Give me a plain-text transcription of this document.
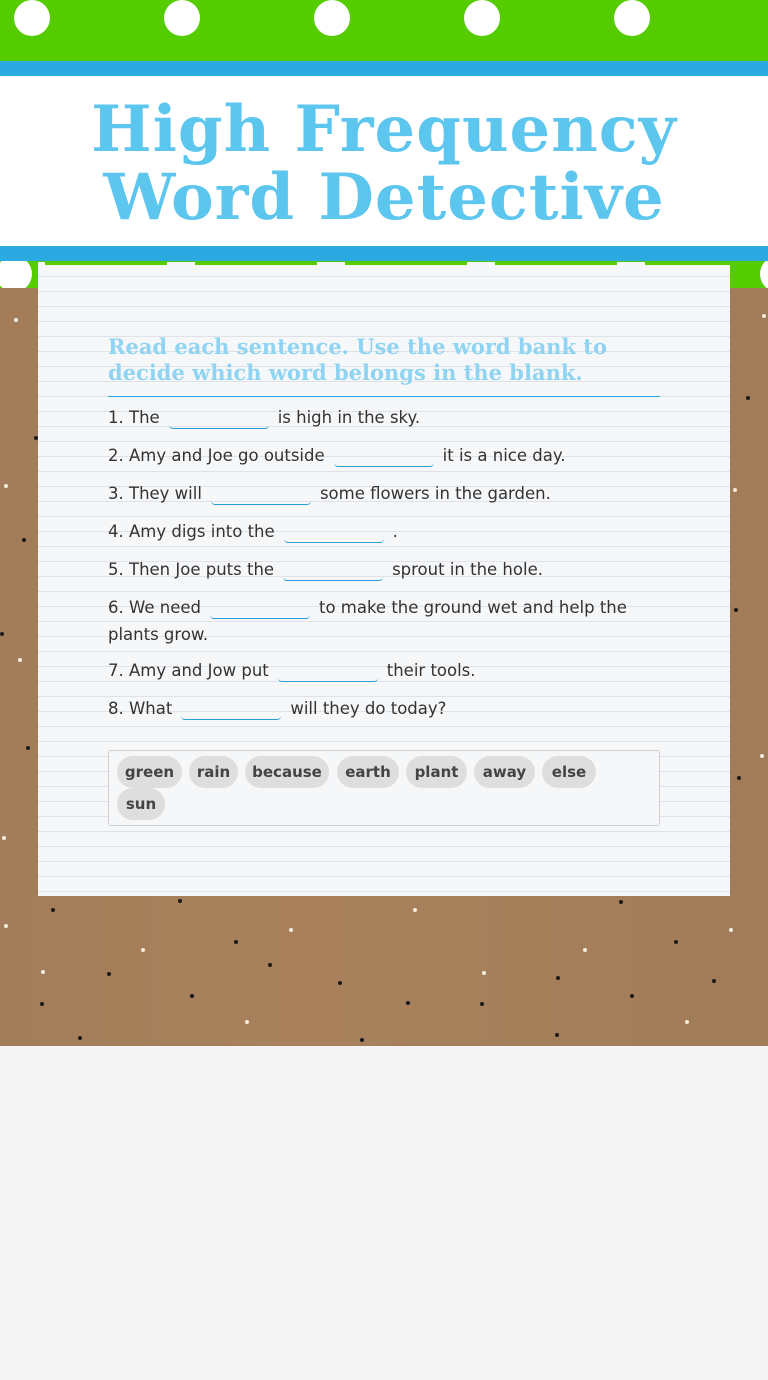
High Frequency Word Detective

Read each sentence. Use the word bank to decide which word belongs in the blank.

1. The	is high in the sky.
2. Amy and Joe go outside	it is a nice day.
3. They will	some flowers in the garden.
4. Amy digs into the	.
5. Then Joe puts the	sprout in the hole.
6. We need	to make the ground wet and help the plants grow.
7. Amy and Jow put	their tools.
8. What	will they do today?
green	rain	because	earth	plant	away	else
sun
